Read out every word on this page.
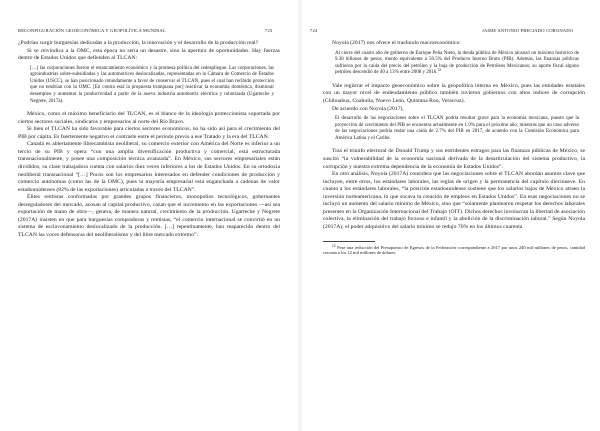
RECONFIGURACIÓN GEOECONÓMICA Y GEOPOLÍTICA MUNDIAL	723

¿Podrían surgir burguesías dedicadas a la producción, la innovación y el desarrollo de la producción real?

Si se reivindica a la OMC, esta época no sería un desastre, sino la apertura de oportunidades. Hay fuerzas dentro de Estados Unidos que defienden al TLCAN:

[…] las corporaciones fueron el estancamiento económico y la promesa política del redespliegue. Las corporaciones, las agroindustrias sobre-subsidiadas y las automotrices deslocalizadas, representadas en la Cámara de Comercio de Estados Unidos (USCC), se han posicionado rotundamente a favor de conservar el TLCAN, pues el cual han recibido protección que no tendrían con la OMC. [En contra está la propuesta trumpiana por] reactivar la economía doméstica, disminuir desempleo y aumentar la productividad a partir de la nueva industria automotriz eléctrica y robotizada (Ugarteche y Negrete, 2017a).

México, como el máximo beneficiario del TLCAN, es el blanco de la ideología proteccionista soportada por ciertos sectores sociales, sindicatos y empresarios al norte del Río Bravo.

Si bien el TLCAN ha sido favorable para ciertos sectores económicos, no ha sido así para el crecimiento del PIB por cápita. Es fuertemente negativo el contraste entre el periodo previo a ese Tratado y la era del TLCAN.

Canadá es abiertamente librecambista neoliberal, su comercio exterior con América del Norte es inferior a un tercio de su PIB y opera “con una amplia diversificación productiva y comercial, está estructurada transnacionalmente, y posee una composición técnica avanzada”. En México, sus sectores empresariales están divididos, su clase trabajadora cuenta con salarios diez veces inferiores a los de Estados Unidos. En su ortodoxia neoliberal transnacional “[…] Pocos son los empresarios interesados en defender condiciones de producción y comercio autónomas (como las de la OMC), pues la mayoría empresarial está enganchada a cadenas de valor estadounidenses (82% de las exportaciones) articuladas a través del TLCAN”.

Élites rentistas conformadas por grandes grupos financieros, monopolios tecnológicos, gobernantes desreguladores del mercado, acosan al capital productivo, cazan que el incremento en las exportaciones —así sea exportación de mano de obra—, genera, de manera natural, crecimiento de la producción. Ugarteche y Negrete (2017A) insisten en que para burguesías compradoras y rentistas, “el comercio internacional se convirtió en un sistema de esclavonamiento deslocalizado de la producción. […] repentinamente, han reaparecido dentro del TLCAN las voces defensoras del neoliberalismo y del libre mercado extremo”.

724	JAIME ANTONIO PRECIADO CORONADO

Noyola (2017) nos ofrece el trasfondo macroeconómico:

Al cierre del cuarto año de gobierno de Enrique Peña Nieto, la deuda pública de México alcanzó un máximo histórico de 9.38 billones de pesos, monto equivalente a 50.5% del Producto Interno Bruto (PIB). Además, las finanzas públicas sufrieron por la caída del precio del petróleo y la baja de producción de Petróleos Mexicanos; su aporte fiscal alguno petróleo descendió de 40 a 13% entre 2008 y 2016.12

Vale registrar el impacto geoeconómico sobre la geopolítica interna en México, pues las entidades estatales con un mayor nivel de endeudamiento público también tuvieron gobiernos con altos índices de corrupción (Chihuahua, Coahuila, Nuevo León, Quintana Roo, Veracruz).

De acuerdo con Noyola (2017),

El desarrollo de las negociaciones sobre el TLCAN podría resultar grave para la economía mexicana, puesto que la proyección de crecimiento del PIB se encuentra actualmente en 1.9% para el próximo año, mientras que un caso adverso de las negociaciones podría restar una caída de 2.7% del PIB en 2017, de acuerdo con la Comisión Económica para América Latina y el Caribe.

Tras el triunfo electoral de Donald Trump y sus estridentes estragos para las finanzas públicas de México, se suscitó “la vulnerabilidad de la economía nacional derivada de la desarticulación del sistema productivo, la corrupción y nuestra extrema dependencia de la economía de Estados Unidos”.

En otro análisis, Noyola (2017A) considera que las negociaciones sobre el TLCAN abordan asuntos clave que incluyen, entre otros, los estándares laborales, las reglas de origen y la permanencia del capítulo diecinueve. En cuanto a los estándares laborales, “la posición estadounidense sostiene que los salarios bajos de México atraen la inversión norteamericana, lo que socava la creación de empleos en Estados Unidos”. En esas negociaciones no se incluyó un aumento del salario mínimo de México, sino que “solamente plantearon respetar los derechos laborales presentes en la Organización Internacional del Trabajo (OIT). Dichos derechos involucran la libertad de asociación colectiva, la eliminación del trabajo forzoso e infantil y la abolición de la discriminación laboral.” Según Noyola (2017A), el poder adquisitivo del salario mínimo se redujo 70% en los últimos cuarenta

$^{12}$ Pese una reducción del Presupuesto de Egresos de la Federación correspondiente a 2017 por unos 240 mil millones de pesos, cantidad cercana a los 12 mil millones de dólares.
